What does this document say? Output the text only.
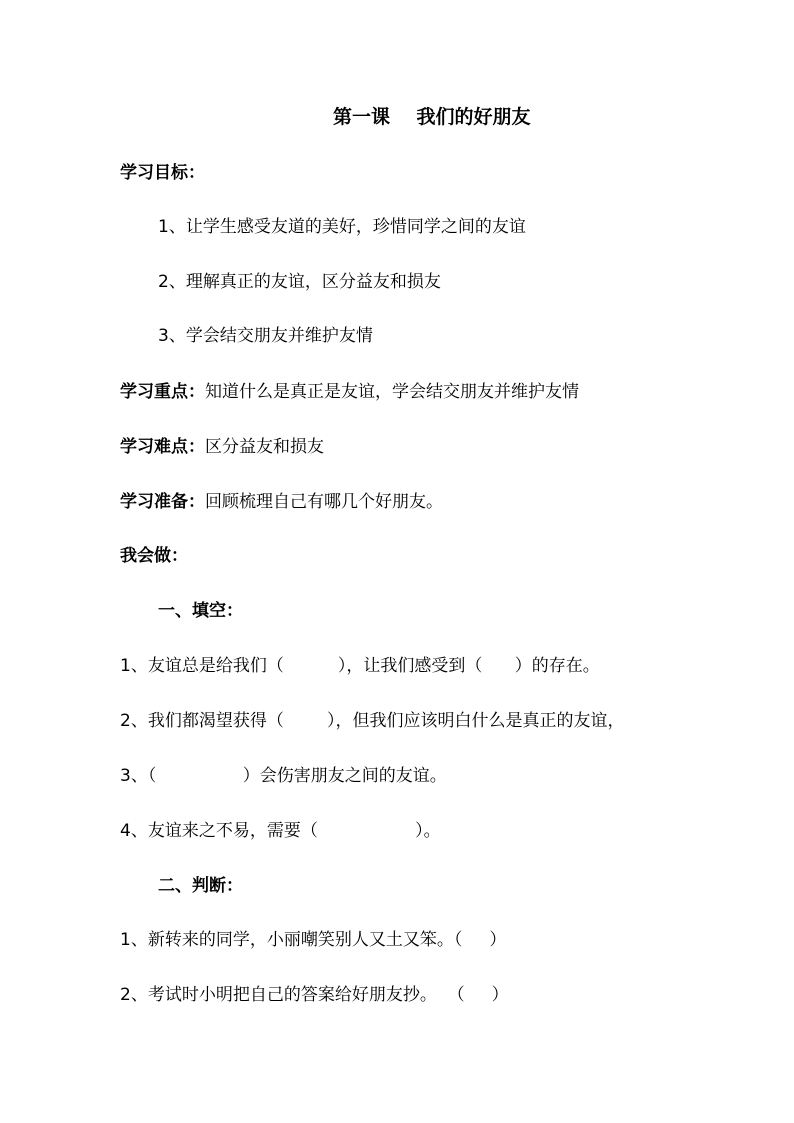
第一课    我们的好朋友
学习目标：
1、让学生感受友道的美好，珍惜同学之间的友谊
2、理解真正的友谊，区分益友和损友
3、学会结交朋友并维护友情
学习重点：知道什么是真正是友谊，学会结交朋友并维护友情
学习难点：区分益友和损友
学习准备：回顾梳理自己有哪几个好朋友。
我会做：
一、填空：
1、友谊总是给我们（          ），让我们感受到（      ）的存在。
2、我们都渴望获得（        ），但我们应该明白什么是真正的友谊，
3、（                ）会伤害朋友之间的友谊。
4、友谊来之不易，需要（                  ）。
二、判断：
1、新转来的同学，小丽嘲笑别人又土又笨。（     ）
2、考试时小明把自己的答案给好朋友抄。  （     ）
